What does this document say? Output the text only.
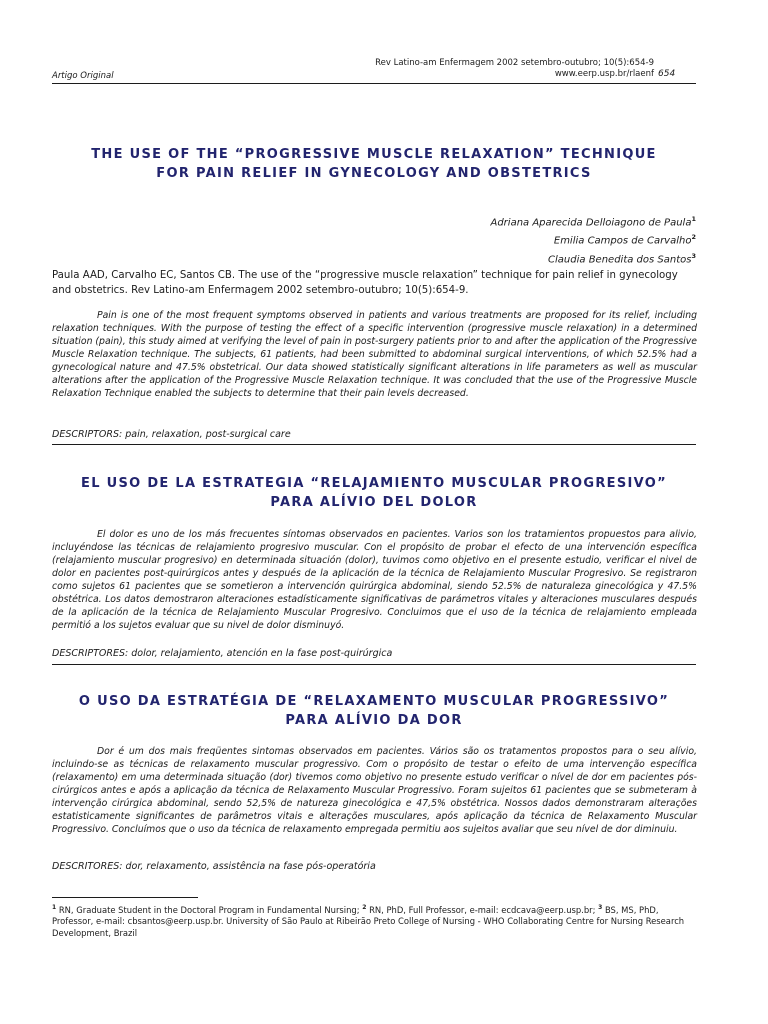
Rev Latino-am Enfermagem 2002 setembro-outubro; 10(5):654-9
www.eerp.usp.br/rlaenf 654
Artigo Original
THE USE OF THE “PROGRESSIVE MUSCLE RELAXATION” TECHNIQUE
FOR PAIN RELIEF IN GYNECOLOGY AND OBSTETRICS
Adriana Aparecida Delloiagono de Paula$^1$
Emilia Campos de Carvalho$^2$
Claudia Benedita dos Santos$^3$
Paula AAD, Carvalho EC, Santos CB. The use of the “progressive muscle relaxation” technique for pain relief in gynecology and obstetrics. Rev Latino-am Enfermagem 2002 setembro-outubro; 10(5):654-9.
Pain is one of the most frequent symptoms observed in patients and various treatments are proposed for its relief, including relaxation techniques. With the purpose of testing the effect of a specific intervention (progressive muscle relaxation) in a determined situation (pain), this study aimed at verifying the level of pain in post-surgery patients prior to and after the application of the Progressive Muscle Relaxation technique. The subjects, 61 patients, had been submitted to abdominal surgical interventions, of which 52.5% had a gynecological nature and 47.5% obstetrical. Our data showed statistically significant alterations in life parameters as well as muscular alterations after the application of the Progressive Muscle Relaxation technique. It was concluded that the use of the Progressive Muscle Relaxation Technique enabled the subjects to determine that their pain levels decreased.
DESCRIPTORS: pain, relaxation, post-surgical care
EL USO DE LA ESTRATEGIA “RELAJAMIENTO MUSCULAR PROGRESIVO”
PARA ALÍVIO DEL DOLOR
El dolor es uno de los más frecuentes síntomas observados en pacientes. Varios son los tratamientos propuestos para alivio, incluyéndose las técnicas de relajamiento progresivo muscular. Con el propósito de probar el efecto de una intervención específica (relajamiento muscular progresivo) en determinada situación (dolor), tuvimos como objetivo en el presente estudio, verificar el nivel de dolor en pacientes post-quirúrgicos antes y después de la aplicación de la técnica de Relajamiento Muscular Progresivo. Se registraron como sujetos 61 pacientes que se sometieron a intervención quirúrgica abdominal, siendo 52.5% de naturaleza ginecológica y 47.5% obstétrica. Los datos demostraron alteraciones estadísticamente significativas de parámetros vitales y alteraciones musculares después de la aplicación de la técnica de Relajamiento Muscular Progresivo. Concluimos que el uso de la técnica de relajamiento empleada permitió a los sujetos evaluar que su nivel de dolor disminuyó.
DESCRIPTORES: dolor, relajamiento, atención en la fase post-quirúrgica
O USO DA ESTRATÉGIA DE “RELAXAMENTO MUSCULAR PROGRESSIVO”
PARA ALÍVIO DA DOR
Dor é um dos mais freqüentes sintomas observados em pacientes. Vários são os tratamentos propostos para o seu alívio, incluindo-se as técnicas de relaxamento muscular progressivo. Com o propósito de testar o efeito de uma intervenção específica (relaxamento) em uma determinada situação (dor) tivemos como objetivo no presente estudo verificar o nível de dor em pacientes pós-cirúrgicos antes e após a aplicação da técnica de Relaxamento Muscular Progressivo. Foram sujeitos 61 pacientes que se submeteram à intervenção cirúrgica abdominal, sendo 52,5% de natureza ginecológica e 47,5% obstétrica. Nossos dados demonstraram alterações estatisticamente significantes de parâmetros vitais e alterações musculares, após aplicação da técnica de Relaxamento Muscular Progressivo. Concluímos que o uso da técnica de relaxamento empregada permitiu aos sujeitos avaliar que seu nível de dor diminuiu.
DESCRITORES: dor, relaxamento, assistência na fase pós-operatória
$^1$ RN, Graduate Student in the Doctoral Program in Fundamental Nursing; $^2$ RN, PhD, Full Professor, e-mail: ecdcava@eerp.usp.br; $^3$ BS, MS, PhD, Professor, e-mail: cbsantos@eerp.usp.br. University of São Paulo at Ribeirão Preto College of Nursing - WHO Collaborating Centre for Nursing Research Development, Brazil
